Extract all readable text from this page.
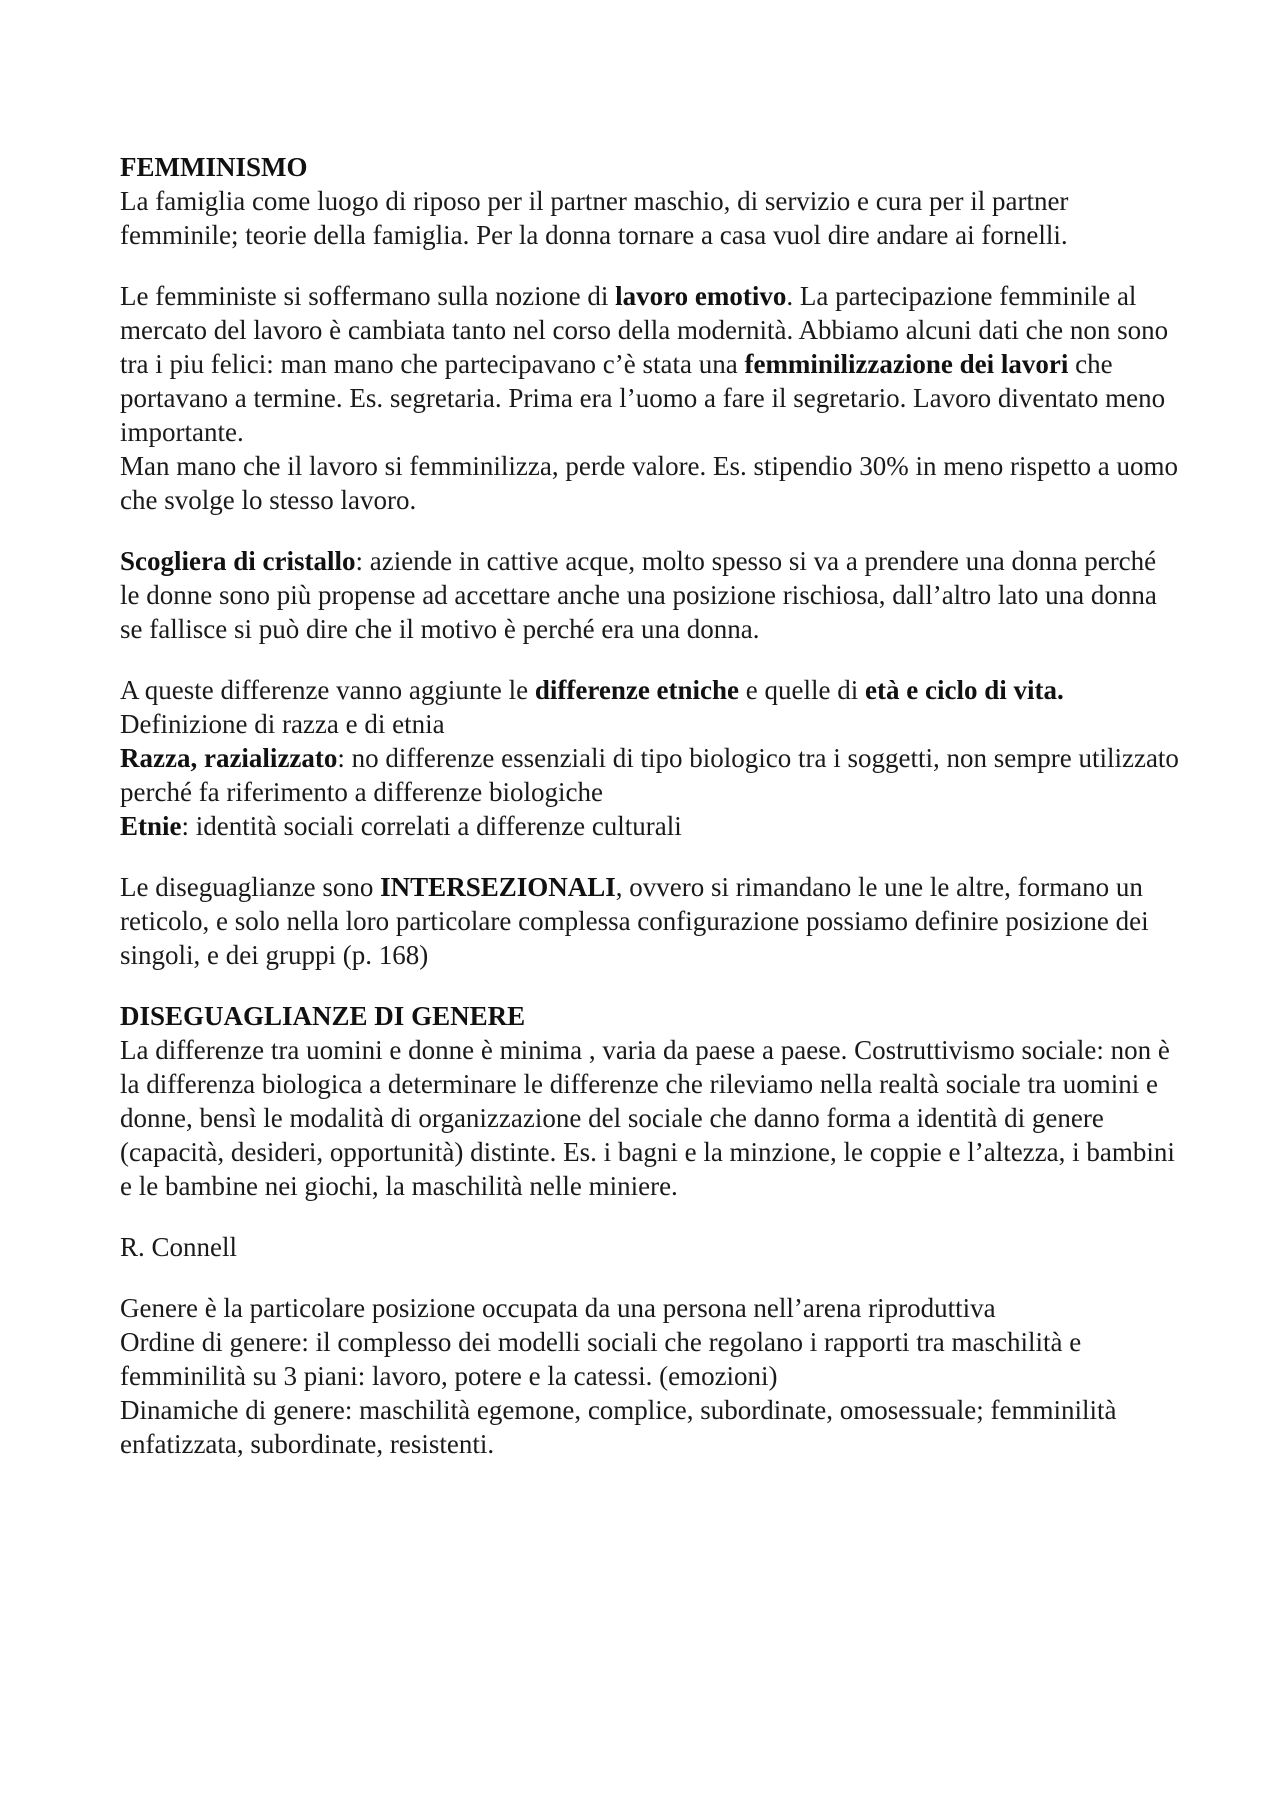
FEMMINISMO

La famiglia come luogo di riposo per il partner maschio, di servizio e cura per il partner femminile; teorie della famiglia. Per la donna tornare a casa vuol dire andare ai fornelli.

Le femministe si soffermano sulla nozione di lavoro emotivo. La partecipazione femminile al mercato del lavoro è cambiata tanto nel corso della modernità. Abbiamo alcuni dati che non sono tra i piu felici: man mano che partecipavano c’è stata una femminilizzazione dei lavori che portavano a termine. Es. segretaria. Prima era l’uomo a fare il segretario. Lavoro diventato meno importante.

Man mano che il lavoro si femminilizza, perde valore. Es. stipendio 30% in meno rispetto a uomo che svolge lo stesso lavoro.

Scogliera di cristallo: aziende in cattive acque, molto spesso si va a prendere una donna perché le donne sono più propense ad accettare anche una posizione rischiosa, dall’altro lato una donna se fallisce si può dire che il motivo è perché era una donna.

A queste differenze vanno aggiunte le differenze etniche e quelle di età e ciclo di vita.

Definizione di razza e di etnia

Razza, razializzato: no differenze essenziali di tipo biologico tra i soggetti, non sempre utilizzato perché fa riferimento a differenze biologiche

Etnie: identità sociali correlati a differenze culturali

Le diseguaglianze sono INTERSEZIONALI, ovvero si rimandano le une le altre, formano un reticolo, e solo nella loro particolare complessa configurazione possiamo definire posizione dei singoli, e dei gruppi (p. 168)

DISEGUAGLIANZE DI GENERE

La differenze tra uomini e donne è minima , varia da paese a paese. Costruttivismo sociale: non è la differenza biologica a determinare le differenze che rileviamo nella realtà sociale tra uomini e donne, bensì le modalità di organizzazione del sociale che danno forma a identità di genere (capacità, desideri, opportunità) distinte. Es. i bagni e la minzione, le coppie e l’altezza, i bambini e le bambine nei giochi, la maschilità nelle miniere.

R. Connell

Genere è la particolare posizione occupata da una persona nell’arena riproduttiva

Ordine di genere: il complesso dei modelli sociali che regolano i rapporti tra maschilità e femminilità su 3 piani: lavoro, potere e la catessi. (emozioni)

Dinamiche di genere: maschilità egemone, complice, subordinate, omosessuale; femminilità enfatizzata, subordinate, resistenti.
